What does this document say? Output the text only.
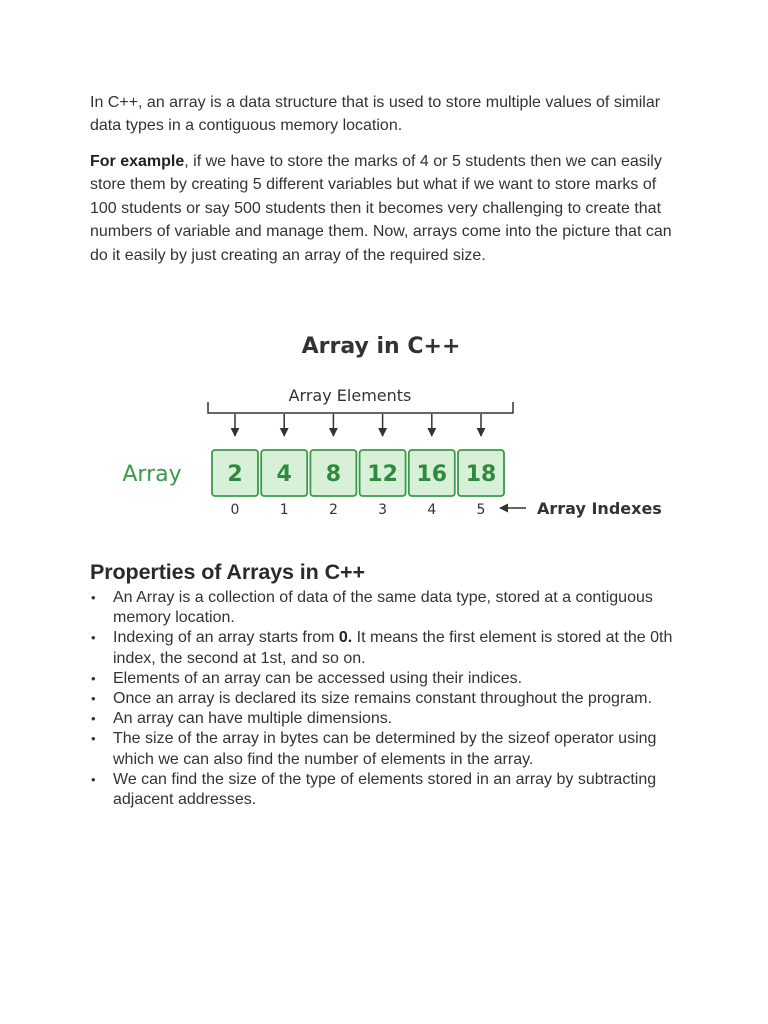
In C++, an array is a data structure that is used to store multiple values of similar data types in a contiguous memory location.

For example, if we have to store the marks of 4 or 5 students then we can easily store them by creating 5 different variables but what if we want to store marks of 100 students or say 500 students then it becomes very challenging to create that numbers of variable and manage them. Now, arrays come into the picture that can do it easily by just creating an array of the required size.

Array in C++
Array Elements
Array 2 4 8 12 16 18
0	1	2	3	4	5	Array Indexes
Properties of Arrays in C++
• An Array is a collection of data of the same data type, stored at a contiguous memory location.
• Indexing of an array starts from 0. It means the first element is stored at the 0th index, the second at 1st, and so on.
• Elements of an array can be accessed using their indices.
• Once an array is declared its size remains constant throughout the program.
• An array can have multiple dimensions.
• The size of the array in bytes can be determined by the sizeof operator using which we can also find the number of elements in the array.
• We can find the size of the type of elements stored in an array by subtracting adjacent addresses.
